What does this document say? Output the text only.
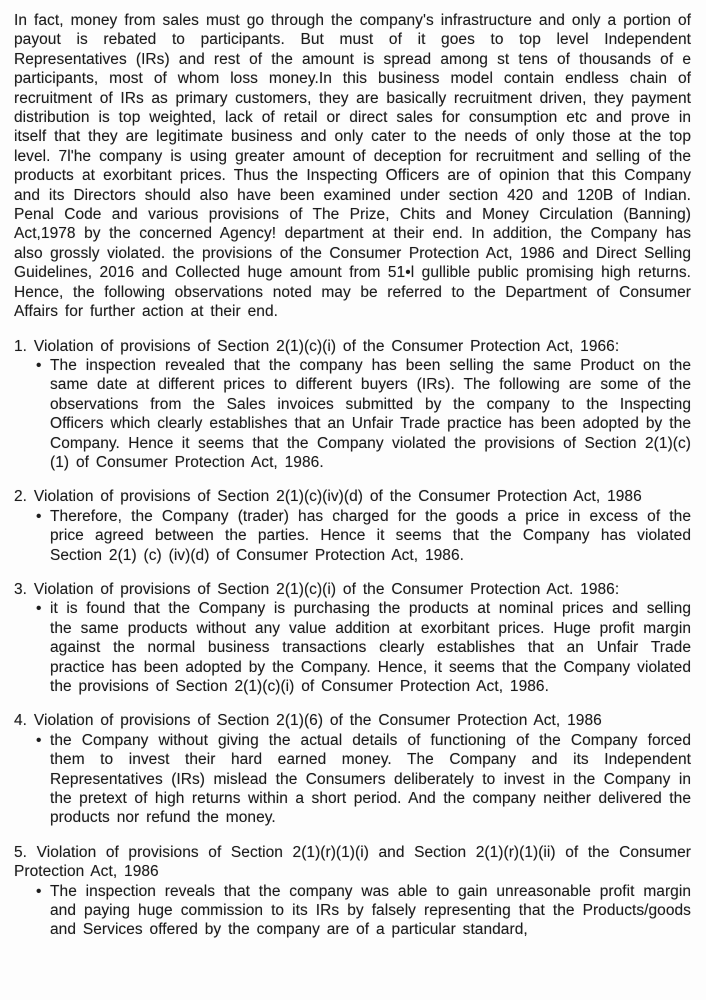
In fact, money from sales must go through the company's infrastructure and only a portion of payout is rebated to participants. But must of it goes to top level Independent Representatives (IRs) and rest of the amount is spread among st tens of thousands of e participants, most of whom loss money.In this business model contain endless chain of recruitment of IRs as primary customers, they are basically recruitment driven, they payment distribution is top weighted, lack of retail or direct sales for consumption etc and prove in itself that they are legitimate business and only cater to the needs of only those at the top level. 7l'he company is using greater amount of deception for recruitment and selling of the products at exorbitant prices. Thus the Inspecting Officers are of opinion that this Company and its Directors should also have been examined under section 420 and 120B of Indian. Penal Code and various provisions of The Prize, Chits and Money Circulation (Banning) Act,1978 by the concerned Agency! department at their end. In addition, the Company has also grossly violated. the provisions of the Consumer Protection Act, 1986 and Direct Selling Guidelines, 2016 and Collected huge amount from 51•l gullible public promising high returns. Hence, the following observations noted may be referred to the Department of Consumer Affairs for further action at their end.

1. Violation of provisions of Section 2(1)(c)(i) of the Consumer Protection Act, 1966:
• The inspection revealed that the company has been selling the same Product on the same date at different prices to different buyers (IRs). The following are some of the observations from the Sales invoices submitted by the company to the Inspecting Officers which clearly establishes that an Unfair Trade practice has been adopted by the Company. Hence it seems that the Company violated the provisions of Section 2(1)(c)(1) of Consumer Protection Act, 1986.

2. Violation of provisions of Section 2(1)(c)(iv)(d) of the Consumer Protection Act, 1986
• Therefore, the Company (trader) has charged for the goods a price in excess of the price agreed between the parties. Hence it seems that the Company has violated Section 2(1) (c) (iv)(d) of Consumer Protection Act, 1986.

3. Violation of provisions of Section 2(1)(c)(i) of the Consumer Protection Act. 1986:
• it is found that the Company is purchasing the products at nominal prices and selling the same products without any value addition at exorbitant prices. Huge profit margin against the normal business transactions clearly establishes that an Unfair Trade practice has been adopted by the Company. Hence, it seems that the Company violated the provisions of Section 2(1)(c)(i) of Consumer Protection Act, 1986.

4. Violation of provisions of Section 2(1)(6) of the Consumer Protection Act, 1986
• the Company without giving the actual details of functioning of the Company forced them to invest their hard earned money. The Company and its Independent Representatives (IRs) mislead the Consumers deliberately to invest in the Company in the pretext of high returns within a short period. And the company neither delivered the products nor refund the money.

5. Violation of provisions of Section 2(1)(r)(1)(i) and Section 2(1)(r)(1)(ii) of the Consumer Protection Act, 1986
• The inspection reveals that the company was able to gain unreasonable profit margin and paying huge commission to its IRs by falsely representing that the Products/goods and Services offered by the company are of a particular standard,
